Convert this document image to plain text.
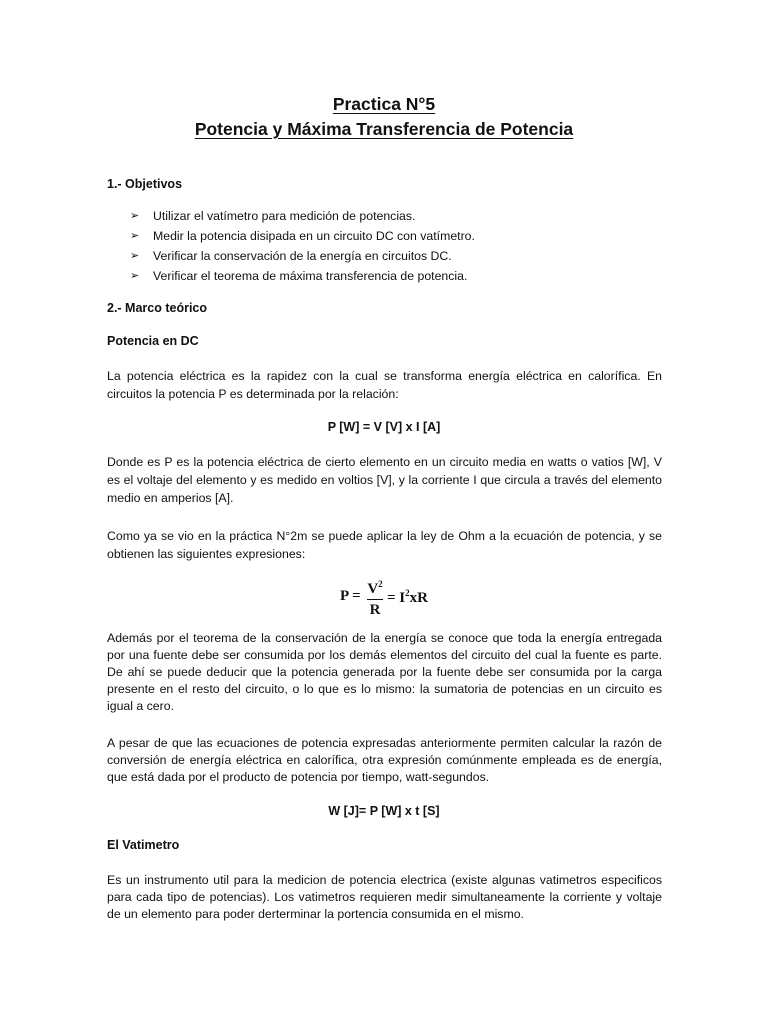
Practica N°5
Potencia y Máxima Transferencia de Potencia
1.- Objetivos
➢ Utilizar el vatímetro para medición de potencias.
➢ Medir la potencia disipada en un circuito DC con vatímetro.
➢ Verificar la conservación de la energía en circuitos DC.
➢ Verificar el teorema de máxima transferencia de potencia.
2.- Marco teórico
Potencia en DC
La potencia eléctrica es la rapidez con la cual se transforma energía eléctrica en calorífica. En circuitos la potencia P es determinada por la relación:
P [W] = V [V] x I [A]
Donde es P es la potencia eléctrica de cierto elemento en un circuito media en watts o vatios [W], V es el voltaje del elemento y es medido en voltios [V], y la corriente I que circula a través del elemento medio en amperios [A].
Como ya se vio en la práctica N°2m se puede aplicar la ley de Ohm a la ecuación de potencia, y se obtienen las siguientes expresiones:
$P = V^2$
R
= $I^2xR$
Además por el teorema de la conservación de la energía se conoce que toda la energía entregada por una fuente debe ser consumida por los demás elementos del circuito del cual la fuente es parte. De ahí se puede deducir que la potencia generada por la fuente debe ser consumida por la carga presente en el resto del circuito, o lo que es lo mismo: la sumatoria de potencias en un circuito es igual a cero.
A pesar de que las ecuaciones de potencia expresadas anteriormente permiten calcular la razón de conversión de energía eléctrica en calorífica, otra expresión comúnmente empleada es de energía, que está dada por el producto de potencia por tiempo, watt-segundos.
W [J]= P [W] x t [S]
El Vatimetro
Es un instrumento util para la medicion de potencia electrica (existe algunas vatimetros especificos para cada tipo de potencias). Los vatimetros requieren medir simultaneamente la corriente y voltaje de un elemento para poder derterminar la portencia consumida en el mismo.
